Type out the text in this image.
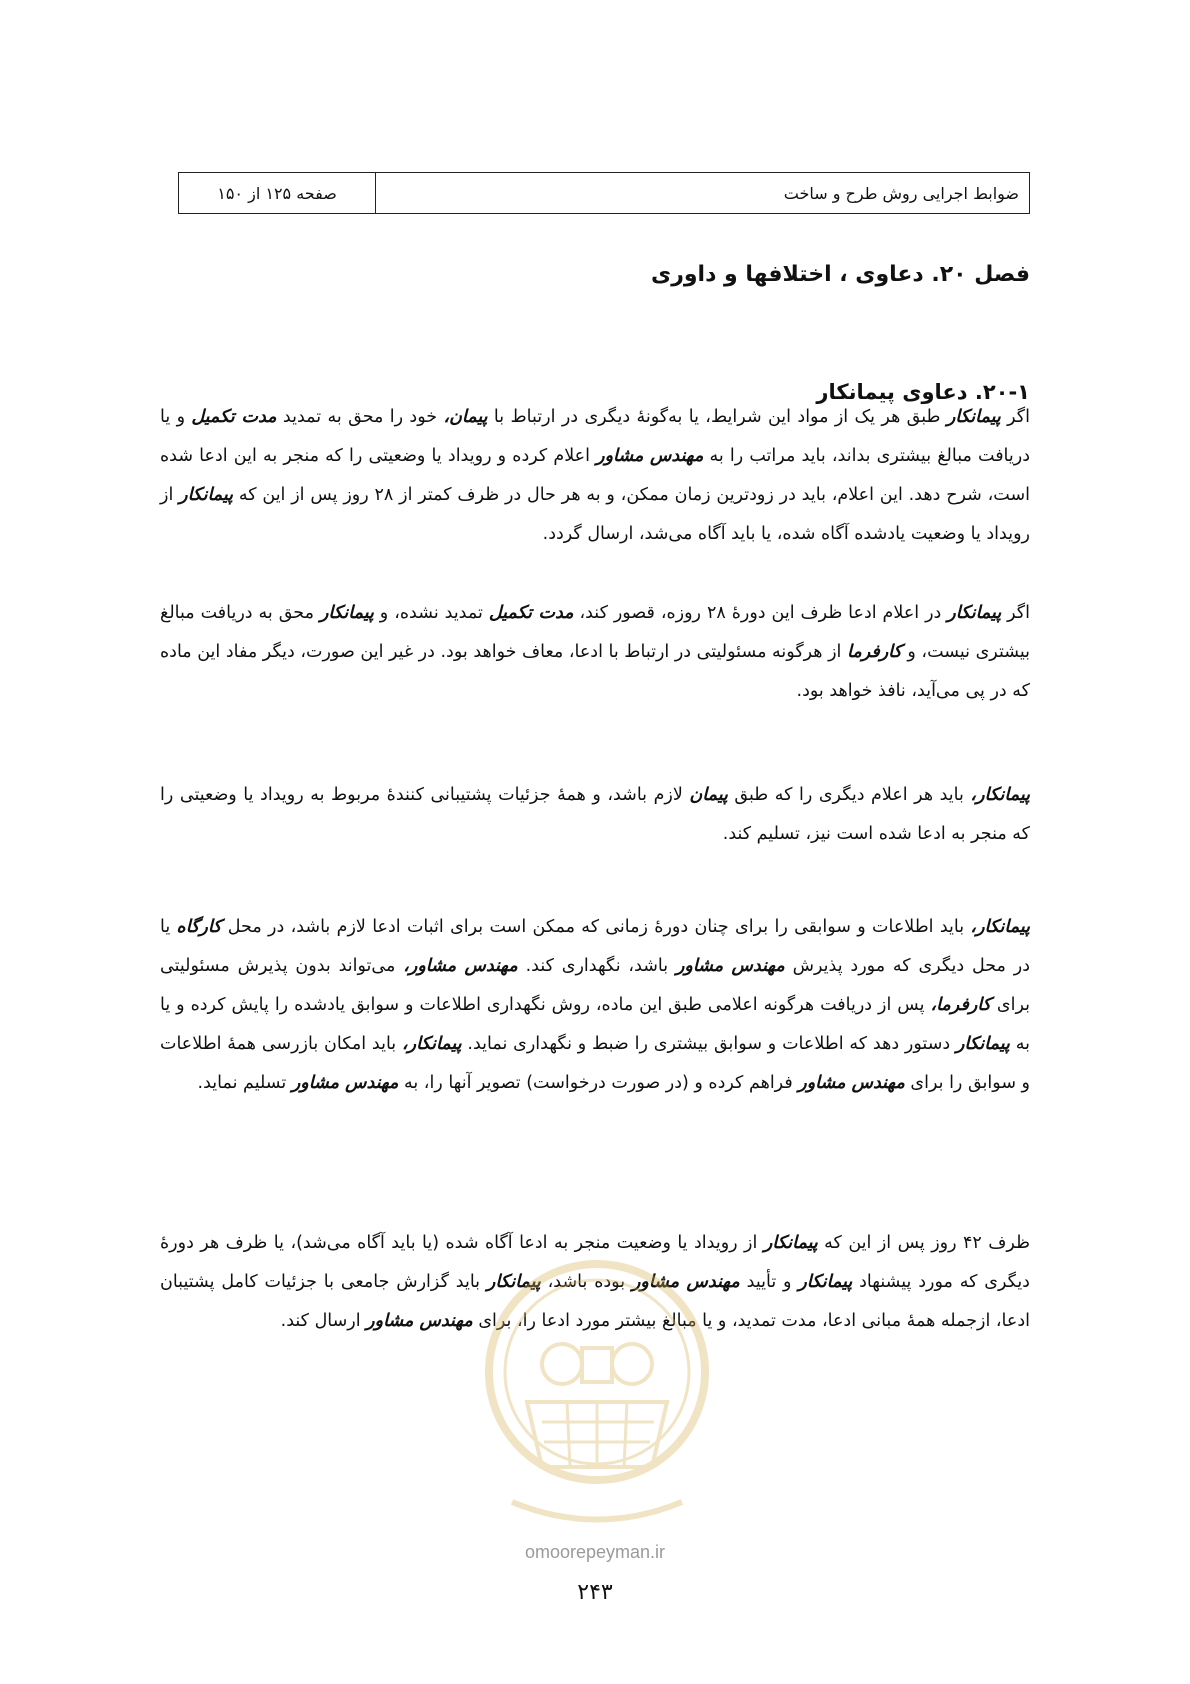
ضوابط اجرایی روش طرح و ساخت
صفحه ۱۲۵ از ۱۵۰
فصل ۲۰. دعاوی ، اختلافها و داوری
۲۰-۱. دعاوی پیمانکار

اگر پیمانکار طبق هر یک از مواد این شرایط، یا به‌گونهٔ دیگری در ارتباط با پیمان، خود را محق به تمدید مدت تکمیل و یا دریافت مبالغ بیشتری بداند، باید مراتب را به مهندس مشاور اعلام کرده و رویداد یا وضعیتی را که منجر به این ادعا شده است، شرح دهد. این اعلام، باید در زودترین زمان ممکن، و به هر حال در ظرف کمتر از ۲۸ روز پس از این که پیمانکار از رویداد یا وضعیت یادشده آگاه شده، یا باید آگاه می‌شد، ارسال گردد.

اگر پیمانکار در اعلام ادعا ظرف این دورهٔ ۲۸ روزه، قصور کند، مدت تکمیل تمدید نشده، و پیمانکار محق به دریافت مبالغ بیشتری نیست، و کارفرما از هرگونه مسئولیتی در ارتباط با ادعا، معاف خواهد بود. در غیر این صورت، دیگر مفاد این ماده که در پی می‌آید، نافذ خواهد بود.

پیمانکار، باید هر اعلام دیگری را که طبق پیمان لازم باشد، و همهٔ جزئیات پشتیبانی کنندهٔ مربوط به رویداد یا وضعیتی را که منجر به ادعا شده است نیز، تسلیم کند.

پیمانکار، باید اطلاعات و سوابقی را برای چنان دورهٔ زمانی که ممکن است برای اثبات ادعا لازم باشد، در محل کارگاه یا در محل دیگری که مورد پذیرش مهندس مشاور باشد، نگهداری کند. مهندس مشاور، می‌تواند بدون پذیرش مسئولیتی برای کارفرما، پس از دریافت هرگونه اعلامی طبق این ماده، روش نگهداری اطلاعات و سوابق یادشده را پایش کرده و یا به پیمانکار دستور دهد که اطلاعات و سوابق بیشتری را ضبط و نگهداری نماید. پیمانکار، باید امکان بازرسی همهٔ اطلاعات و سوابق را برای مهندس مشاور فراهم کرده و (در صورت درخواست) تصویر آنها را، به مهندس مشاور تسلیم نماید.

ظرف ۴۲ روز پس از این که پیمانکار از رویداد یا وضعیت منجر به ادعا آگاه شده (یا باید آگاه می‌شد)، یا ظرف هر دورهٔ دیگری که مورد پیشنهاد پیمانکار و تأیید مهندس مشاور بوده باشد، پیمانکار باید گزارش جامعی با جزئیات کامل پشتیبان ادعا، ازجمله همهٔ مبانی ادعا، مدت تمدید، و یا مبالغ بیشتر مورد ادعا را، برای مهندس مشاور ارسال کند.

omoorepeyman.ir
۲۴۳
